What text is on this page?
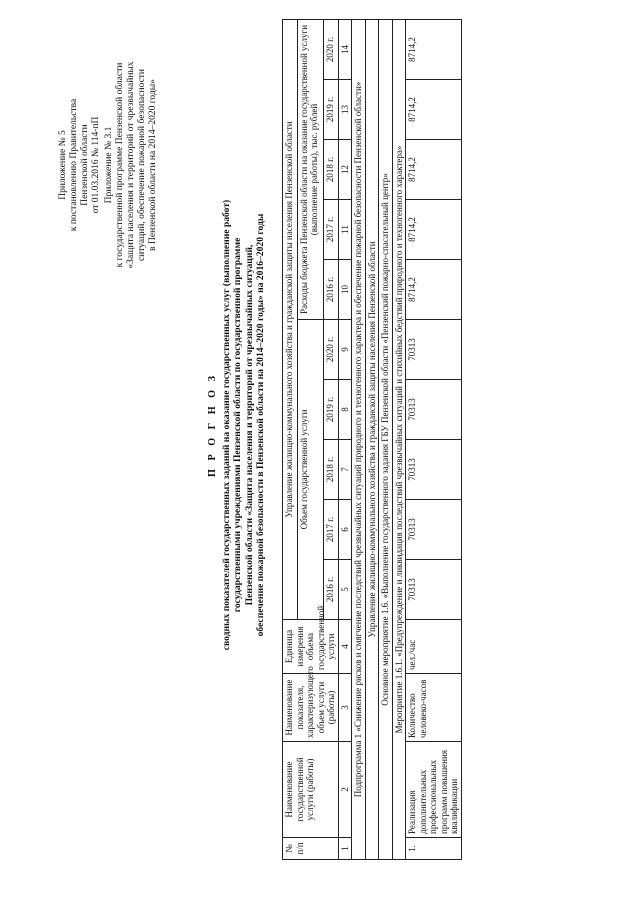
Приложение № 5 к постановлению Правительства Пензенской области от 01.03.2016 № 114-пП Приложение № 3.1 к государственной программе Пензенской области «Защита населения и территорий от чрезвычайных ситуаций, обеспечение пожарной безопасности в Пензенской области на 2014–2020 годы»
П Р О Г Н О З сводных показателей государственных заданий на оказание государственных услуг (выполнение работ) государственными учреждениями Пензенской области по государственной программе Пензенской области «Защита населения и территорий от чрезвычайных ситуаций, обеспечение пожарной безопасности в Пензенской области на 2014–2020 годы» на 2016–2020 годы
№ п/п	Наименование государственной услуги (работы)	Наименование показателя, характеризующего объем услуги (работы)	Единица измерения объема государственной услуги	Управление жилищно-коммунального хозяйства и гражданской защиты населения Пензенской области									
				Объем государственной услуги					Расходы бюджета Пензенской области на оказание государственной услуги (выполнение работы), тыс. рублей				
				2016 г.	2017 г.	2018 г.	2019 г.	2020 г.	2016 г.	2017 г.	2018 г.	2019 г.	2020 г.
1	2	3	4	5	6	7	8	9	10	11	12	13	14
Подпрограмма 1 «Снижение рисков и смягчение последствий чрезвычайных ситуаций природного и техногенного характера и обеспечение пожарной безопасности Пензенской области»													
Управление жилищно-коммунального хозяйства и гражданской защиты населения Пензенской области													
Основное мероприятие 1.6. «Выполнение государственного задания ГБУ Пензенской области «Пензенский пожарно-спасательный центр»													
Мероприятие 1.6.1. «Предупреждение и ликвидация последствий чрезвычайных ситуаций и стихийных бедствий природного и техногенного характера»													
1.	Реализация дополнительных профессиональных программ повышения квалификации	Количество человеко-часов	чел./час	70313	70313	70313	70313	70313	8714,2	8714,2	8714,2	8714,2	8714,2
